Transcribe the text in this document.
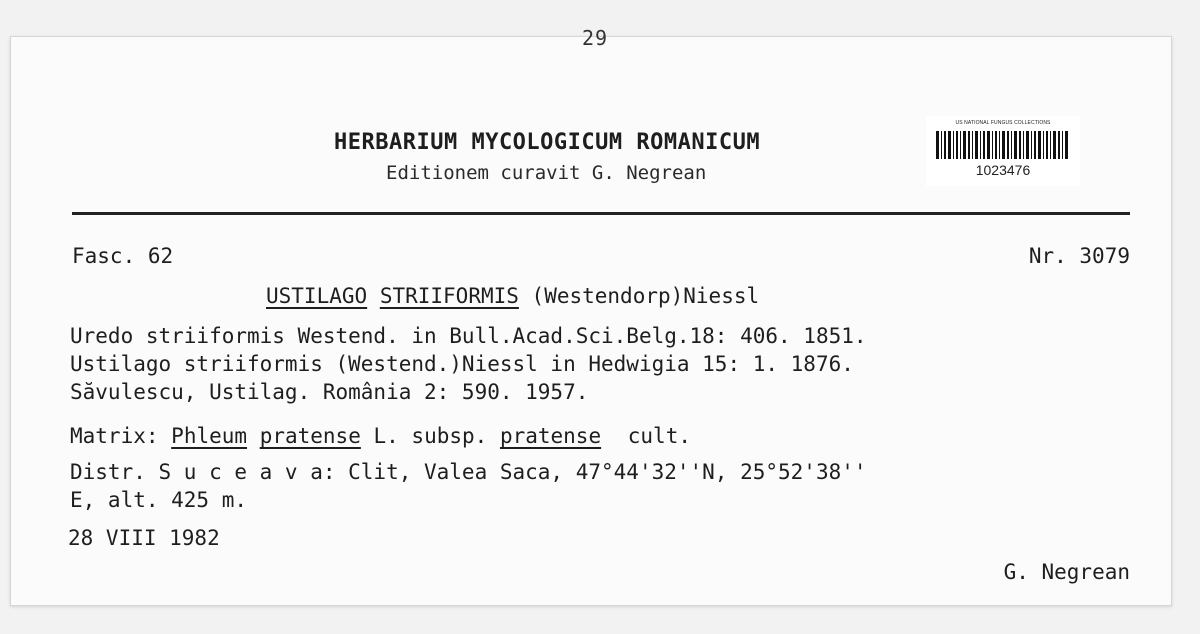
29
HERBARIUM MYCOLOGICUM ROMANICUM
Editionem curavit G. Negrean
US NATIONAL FUNGUS COLLECTIONS
1023476
Fasc. 62	Nr. 3079
USTILAGO STRIIFORMIS (Westendorp)Niessl
Uredo striiformis Westend. in Bull.Acad.Sci.Belg.18: 406. 1851.
Ustilago striiformis (Westend.)Niessl in Hedwigia 15: 1. 1876.
Săvulescu, Ustilag. România 2: 590. 1957.
Matrix: Phleum pratense L. subsp. pratense cult.
Distr. S u c e a v a: Clit, Valea Saca, 47°44'32''N, 25°52'38''
E, alt. 425 m.
28 VIII 1982
G. Negrean
